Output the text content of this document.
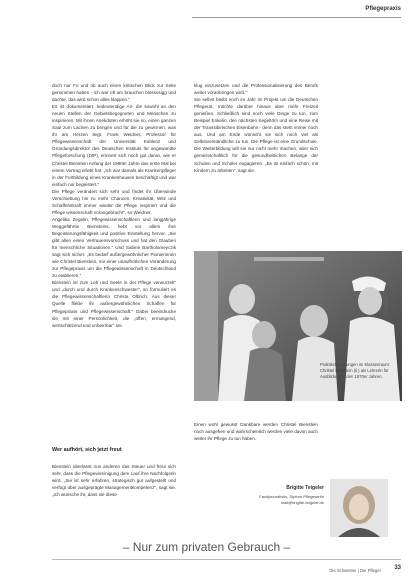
Pflegepraxis
doch nur Fo und ob auch einen kritischen Blick zur Seite genommen haben - ich war oft am brauchen blossosigg und dachte, das wird schon alles klappen."
Es ist dokumentiert, bedeutendige An- die sowohl an den neuen Stellen der Gebietsbegegneten und Menschen zu inspirieren. Mit ihnen Anekdoten erhöht sie so, einen ganzen Saal zum Lachen zu bringen und für die zu gewinnen, was ihr am Herzen liegt. Frank Weidner, Professor für Pflegewissenschaft der Universität Koblenz und Gründungsdirektor des Deutschen Instituts für angewandte Pflegeforschung (DIP), erinnert sich noch gut daran, wie er Christel Bienstein Anfang der 1990er Jahre das erste Mal bei einem Vortrag erlebt hat: „Ich war damals als Krankenpfleger in der Fortbildung eines Krankenhauses beschäftigt und war einfach nur begeistert."
Die Pflege verändert sich sehr und findet ihr Überwinde Verschiebung hin zu mehr Chancen. Kreativität, Witz und Schaffenskraft immer wieder die Pflege inspiriert und die Pflege wissenschaft vorangebracht", so Weidner.
Angelika Zegelin, Pflegewissenschaftlerin und langjährige Weggefährtin Biensteins, hebt vor allem ihre Begeisterungsfähigkeit und positive Einstellung hervor. „Sie gibt allen einen Vertrauensvorschuss und hat den Glauben für menschliche Situationen." Und Sabine Bartholomeyczik sagt sich sicher: „Es bedarf außergewöhnlicher Pionierinnen wie Christel Bienstein, mir einer unaufhörlichen Veränderung zur Pflegepraxis um die Pflegewissenschaft in Deutschland zu etablieren."
Bienstein ist zum Lob und Seele in der Pflege verwurzelt" und „durch und durch Krankenschwester", so formuliert es die Pflegewissenschaftlerin Christa Olbrich. Aus dieser Quelle fließe ihr außergewöhnliches Schaffen für Pflegepraxis und Pflegewissenschaft." Dabei beeindrucke sie mit einer Persönlichkeit, die „offen, ermutigend, wertschätzend und unbeirrbar" sei.
klug einzusetzen und die Professionalisierung des Berufs weiter voranbringen wird."
Sie selbst bleibt noch im Jahr im Projekt um die Deutschen Pflegerat, möchte darüber hinaus aber mehr Freizeit genießen. Schließlich sind noch viele Dinge zu tun, zum Beispiel Enkelin, den nächsten Segeltörn und eine Reise mit der Transsibirischen Eisenbahn - denn das steht immer noch aus. Und am Ende wünscht sie sich noch viel als Selbstverständliche zu tun. Die Pflege ist eine Grundschule. Die Weiterbildung will sie nur nicht mehr machen, aber sich gemeinschaftlich für die gesundheitlichen Belange der Schulen und Schüler engagieren. „Es ist einfach schön, mit Kindern zu arbeiten", sagt sie.
Foto: Spanke
Praktische Übungen im Klassenraum: Christel Bienstein (li.) als Lehrerin für Ausbildung in den 1970er Jahren.
Einen wohl gewusst Dankbare werden Christel Bienstein noch ausgehen und wahrscheinlich werden viele davon auch weiter ihr Pflege zu tun haben.
Wer aufhört, sich jetzt freut
Bienstein überlässt nun anderen das Steuer und freut sich sehr, dass die Pflegevereinigung dem Lauf ihre Nachfolgerin wird. „Sie ist sehr erfahren, strategisch gut aufgestellt und verfügt über ausgeprägte Managementkompetenz", sagt sie. „Ich wünsche ihr, dass sie diese
Brigitte Teigeler
Fachjournalistin, Diplom-Pflegewirtin
mail@brigitte-teigeler.de
– Nur zum privaten Gebrauch –
Die Schwester | Der Pfleger 33
